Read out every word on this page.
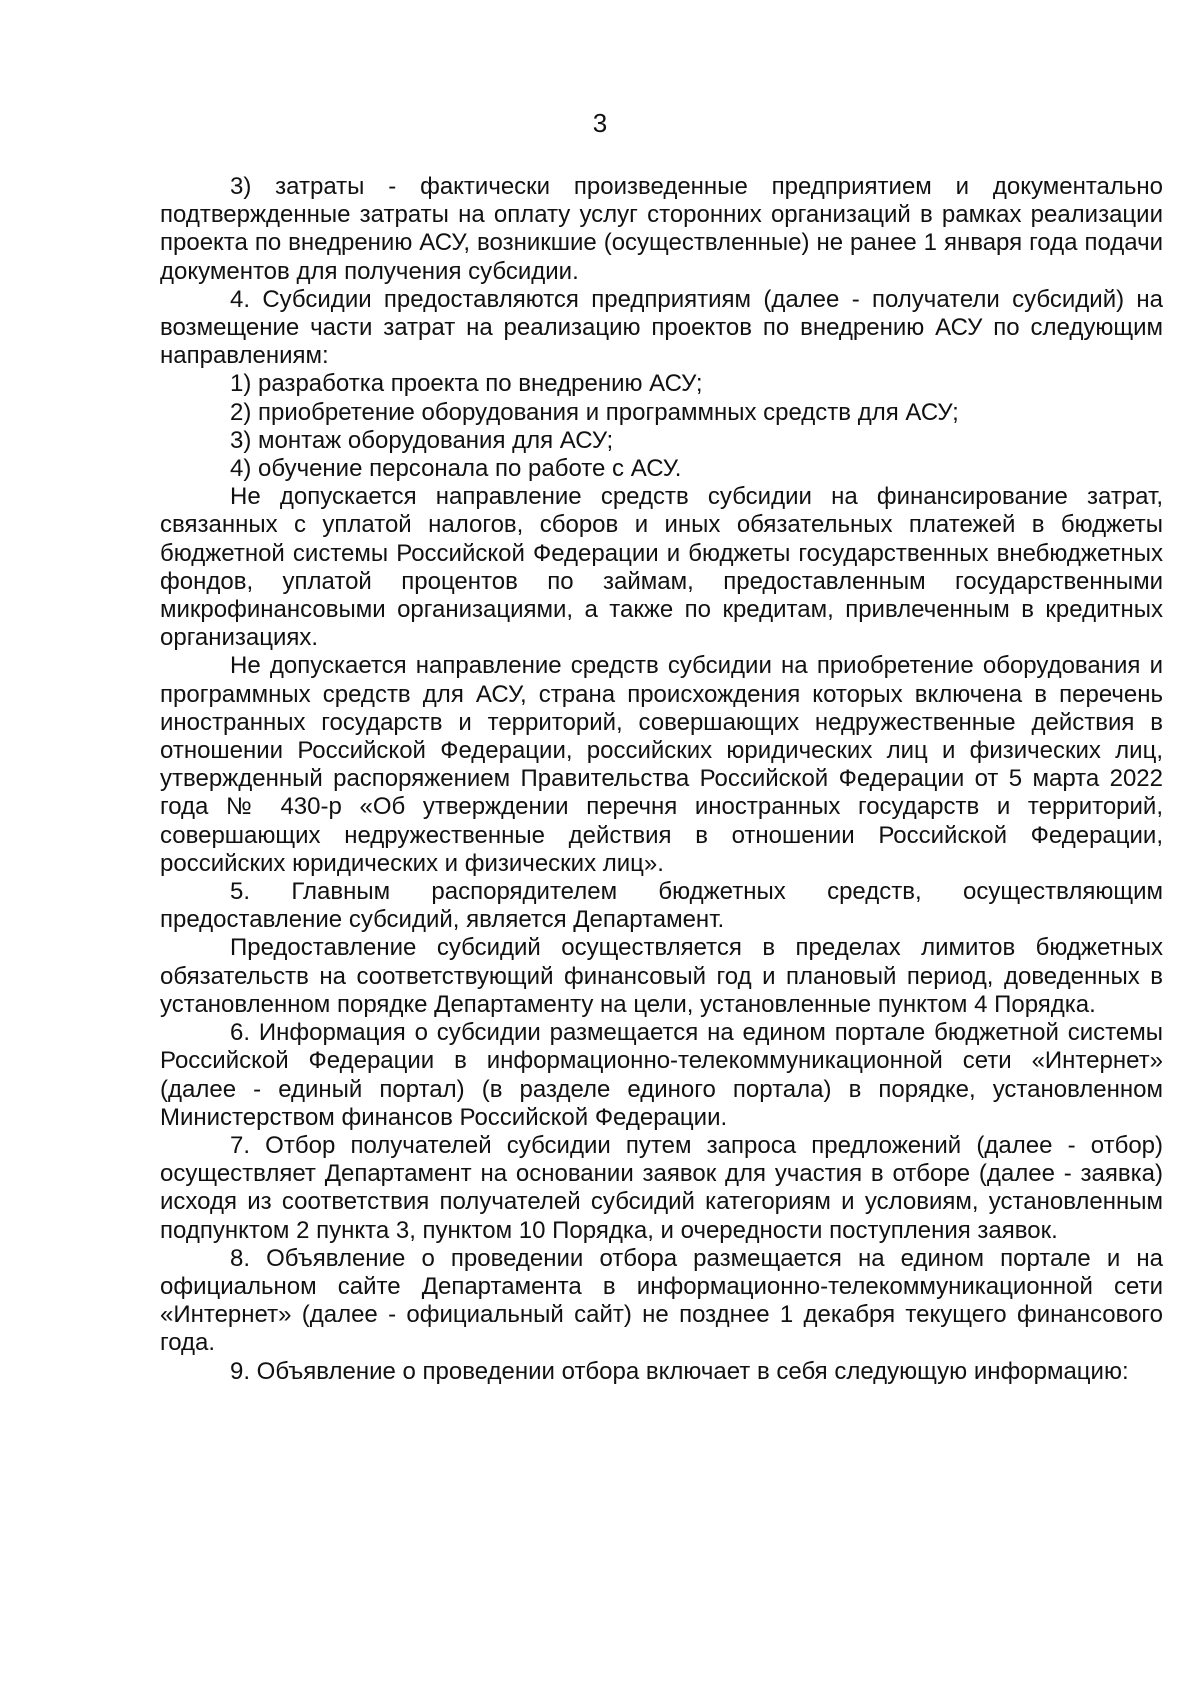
3

3) затраты - фактически произведенные предприятием и документально подтвержденные затраты на оплату услуг сторонних организаций в рамках реализации проекта по внедрению АСУ, возникшие (осуществленные) не ранее 1 января года подачи документов для получения субсидии.

4. Субсидии предоставляются предприятиям (далее - получатели субсидий) на возмещение части затрат на реализацию проектов по внедрению АСУ по следующим направлениям:

1) разработка проекта по внедрению АСУ;

2) приобретение оборудования и программных средств для АСУ;

3) монтаж оборудования для АСУ;

4) обучение персонала по работе с АСУ.

Не допускается направление средств субсидии на финансирование затрат, связанных с уплатой налогов, сборов и иных обязательных платежей в бюджеты бюджетной системы Российской Федерации и бюджеты государственных внебюджетных фондов, уплатой процентов по займам, предоставленным государственными микрофинансовыми организациями, а также по кредитам, привлеченным в кредитных организациях.

Не допускается направление средств субсидии на приобретение оборудования и программных средств для АСУ, страна происхождения которых включена в перечень иностранных государств и территорий, совершающих недружественные действия в отношении Российской Федерации, российских юридических лиц и физических лиц, утвержденный распоряжением Правительства Российской Федерации от 5 марта 2022 года № 430-р «Об утверждении перечня иностранных государств и территорий, совершающих недружественные действия в отношении Российской Федерации, российских юридических и физических лиц».

5. Главным распорядителем бюджетных средств, осуществляющим предоставление субсидий, является Департамент.

Предоставление субсидий осуществляется в пределах лимитов бюджетных обязательств на соответствующий финансовый год и плановый период, доведенных в установленном порядке Департаменту на цели, установленные пунктом 4 Порядка.

6. Информация о субсидии размещается на едином портале бюджетной системы Российской Федерации в информационно-телекоммуникационной сети «Интернет» (далее - единый портал) (в разделе единого портала) в порядке, установленном Министерством финансов Российской Федерации.

7. Отбор получателей субсидии путем запроса предложений (далее - отбор) осуществляет Департамент на основании заявок для участия в отборе (далее - заявка) исходя из соответствия получателей субсидий категориям и условиям, установленным подпунктом 2 пункта 3, пунктом 10 Порядка, и очередности поступления заявок.

8. Объявление о проведении отбора размещается на едином портале и на официальном сайте Департамента в информационно-телекоммуникационной сети «Интернет» (далее - официальный сайт) не позднее 1 декабря текущего финансового года.

9. Объявление о проведении отбора включает в себя следующую информацию:
